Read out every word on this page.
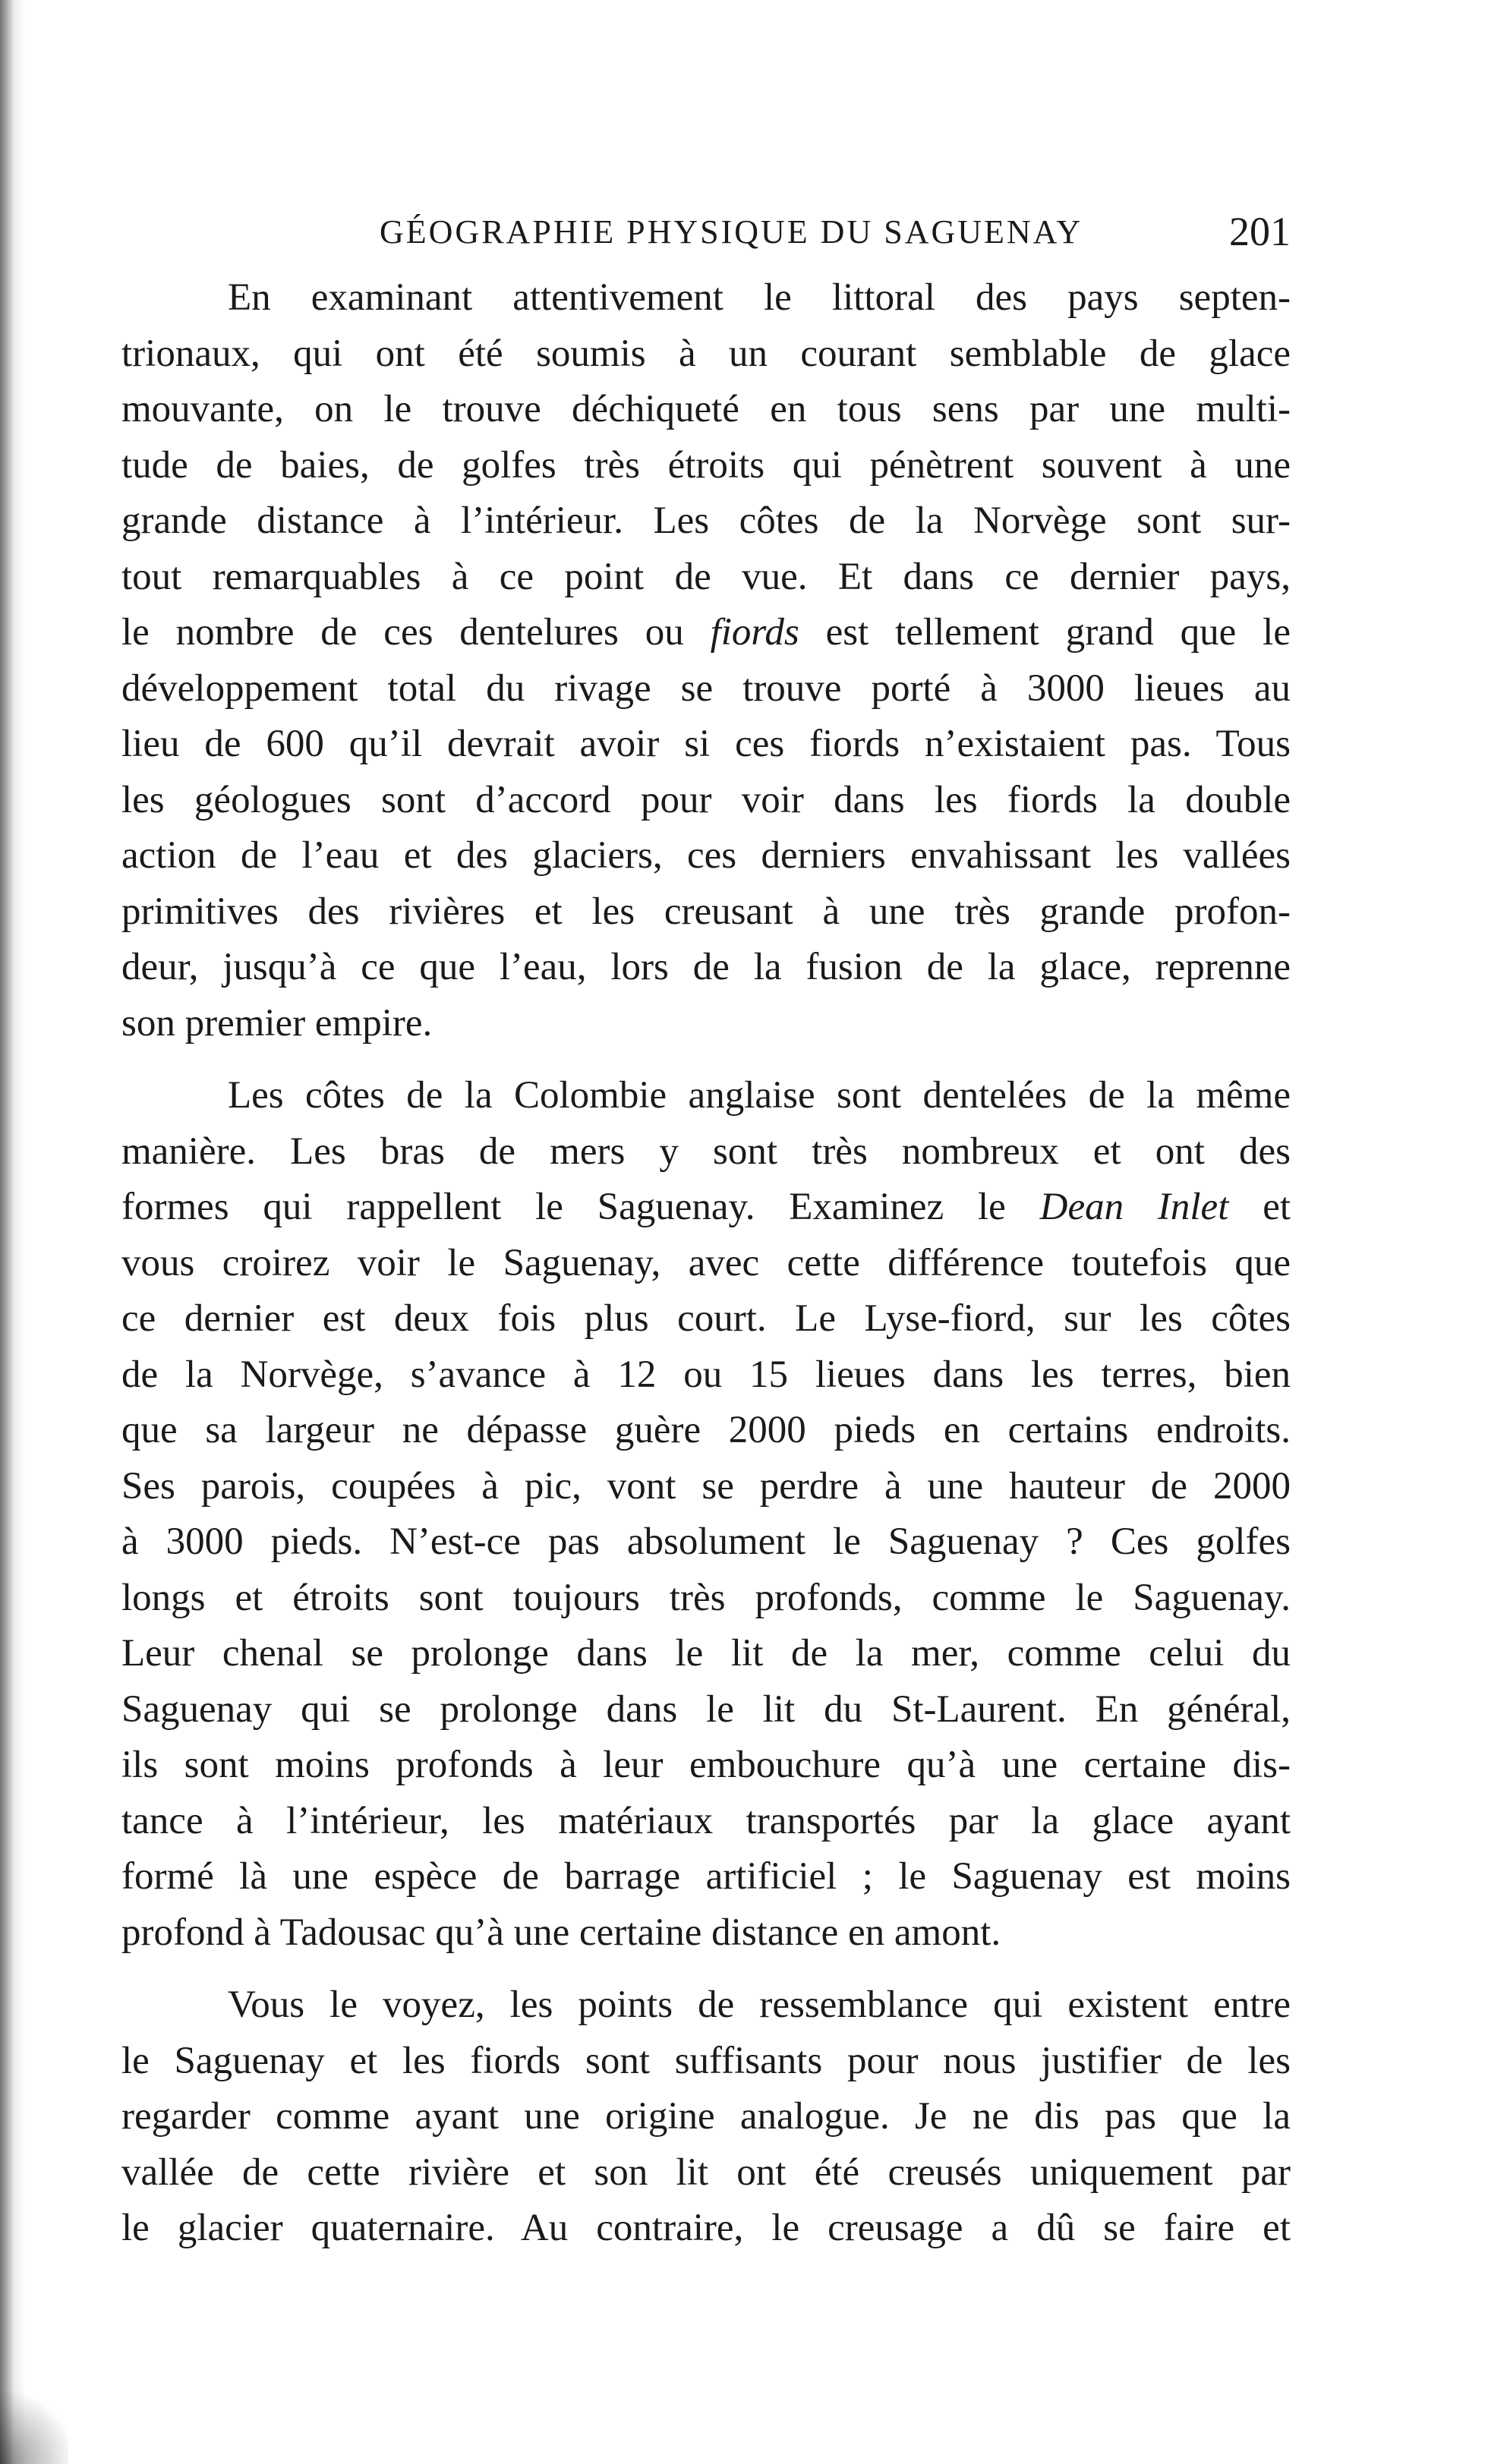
GÉOGRAPHIE PHYSIQUE DU SAGUENAY	201
En examinant attentivement le littoral des pays septen-
trionaux, qui ont été soumis à un courant semblable de glace
mouvante, on le trouve déchiqueté en tous sens par une multi-
tude de baies, de golfes très étroits qui pénètrent souvent à une
grande distance à l’intérieur. Les côtes de la Norvège sont sur-
tout remarquables à ce point de vue. Et dans ce dernier pays,
le nombre de ces dentelures ou fiords est tellement grand que le
développement total du rivage se trouve porté à 3000 lieues au
lieu de 600 qu’il devrait avoir si ces fiords n’existaient pas. Tous
les géologues sont d’accord pour voir dans les fiords la double
action de l’eau et des glaciers, ces derniers envahissant les vallées
primitives des rivières et les creusant à une très grande profon-
deur, jusqu’à ce que l’eau, lors de la fusion de la glace, reprenne
son premier empire.
Les côtes de la Colombie anglaise sont dentelées de la même
manière. Les bras de mers y sont très nombreux et ont des
formes qui rappellent le Saguenay. Examinez le Dean Inlet et
vous croirez voir le Saguenay, avec cette différence toutefois que
ce dernier est deux fois plus court. Le Lyse-fiord, sur les côtes
de la Norvège, s’avance à 12 ou 15 lieues dans les terres, bien
que sa largeur ne dépasse guère 2000 pieds en certains endroits.
Ses parois, coupées à pic, vont se perdre à une hauteur de 2000
à 3000 pieds. N’est-ce pas absolument le Saguenay ? Ces golfes
longs et étroits sont toujours très profonds, comme le Saguenay.
Leur chenal se prolonge dans le lit de la mer, comme celui du
Saguenay qui se prolonge dans le lit du St-Laurent. En général,
ils sont moins profonds à leur embouchure qu’à une certaine dis-
tance à l’intérieur, les matériaux transportés par la glace ayant
formé là une espèce de barrage artificiel ; le Saguenay est moins
profond à Tadousac qu’à une certaine distance en amont.
Vous le voyez, les points de ressemblance qui existent entre
le Saguenay et les fiords sont suffisants pour nous justifier de les
regarder comme ayant une origine analogue. Je ne dis pas que la
vallée de cette rivière et son lit ont été creusés uniquement par
le glacier quaternaire. Au contraire, le creusage a dû se faire et
